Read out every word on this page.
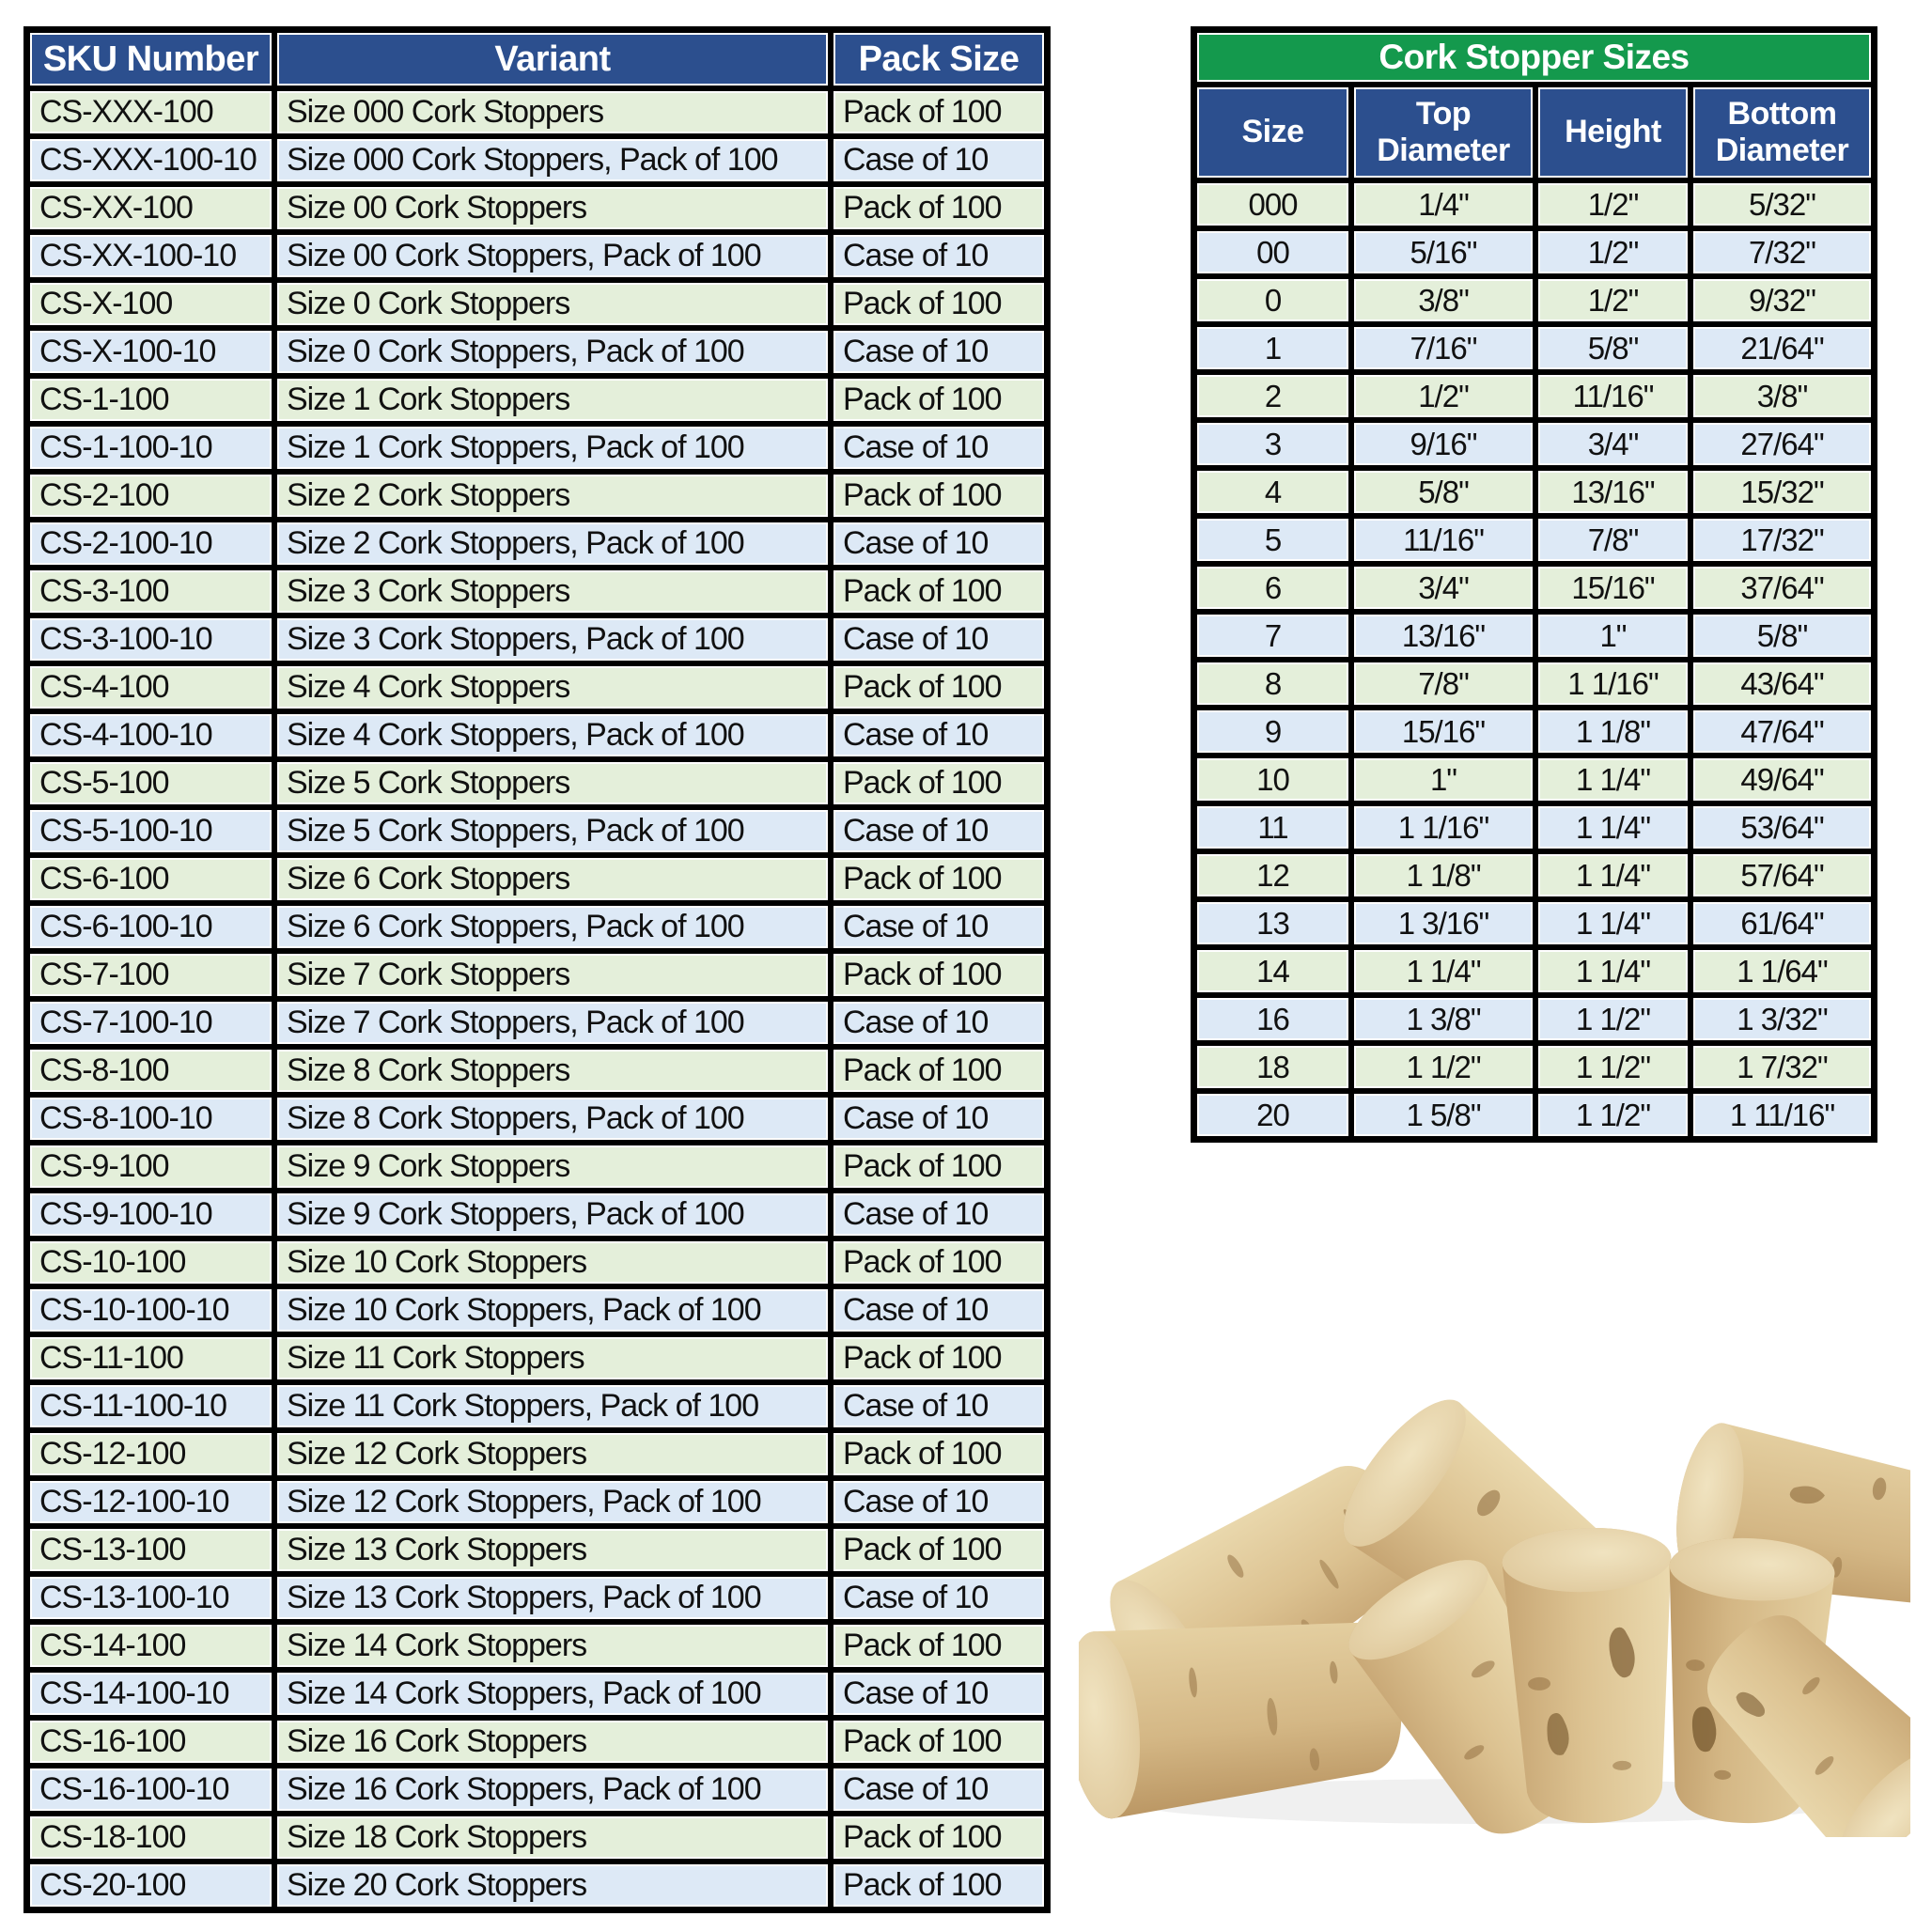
SKU Number	Variant	Pack Size
CS-XXX-100	Size 000 Cork Stoppers	Pack of 100
CS-XXX-100-10	Size 000 Cork Stoppers, Pack of 100	Case of 10
CS-XX-100	Size 00 Cork Stoppers	Pack of 100
CS-XX-100-10	Size 00 Cork Stoppers, Pack of 100	Case of 10
CS-X-100	Size 0 Cork Stoppers	Pack of 100
CS-X-100-10	Size 0 Cork Stoppers, Pack of 100	Case of 10
CS-1-100	Size 1 Cork Stoppers	Pack of 100
CS-1-100-10	Size 1 Cork Stoppers, Pack of 100	Case of 10
CS-2-100	Size 2 Cork Stoppers	Pack of 100
CS-2-100-10	Size 2 Cork Stoppers, Pack of 100	Case of 10
CS-3-100	Size 3 Cork Stoppers	Pack of 100
CS-3-100-10	Size 3 Cork Stoppers, Pack of 100	Case of 10
CS-4-100	Size 4 Cork Stoppers	Pack of 100
CS-4-100-10	Size 4 Cork Stoppers, Pack of 100	Case of 10
CS-5-100	Size 5 Cork Stoppers	Pack of 100
CS-5-100-10	Size 5 Cork Stoppers, Pack of 100	Case of 10
CS-6-100	Size 6 Cork Stoppers	Pack of 100
CS-6-100-10	Size 6 Cork Stoppers, Pack of 100	Case of 10
CS-7-100	Size 7 Cork Stoppers	Pack of 100
CS-7-100-10	Size 7 Cork Stoppers, Pack of 100	Case of 10
CS-8-100	Size 8 Cork Stoppers	Pack of 100
CS-8-100-10	Size 8 Cork Stoppers, Pack of 100	Case of 10
CS-9-100	Size 9 Cork Stoppers	Pack of 100
CS-9-100-10	Size 9 Cork Stoppers, Pack of 100	Case of 10
CS-10-100	Size 10 Cork Stoppers	Pack of 100
CS-10-100-10	Size 10 Cork Stoppers, Pack of 100	Case of 10
CS-11-100	Size 11 Cork Stoppers	Pack of 100
CS-11-100-10	Size 11 Cork Stoppers, Pack of 100	Case of 10
CS-12-100	Size 12 Cork Stoppers	Pack of 100
CS-12-100-10	Size 12 Cork Stoppers, Pack of 100	Case of 10
CS-13-100	Size 13 Cork Stoppers	Pack of 100
CS-13-100-10	Size 13 Cork Stoppers, Pack of 100	Case of 10
CS-14-100	Size 14 Cork Stoppers	Pack of 100
CS-14-100-10	Size 14 Cork Stoppers, Pack of 100	Case of 10
CS-16-100	Size 16 Cork Stoppers	Pack of 100
CS-16-100-10	Size 16 Cork Stoppers, Pack of 100	Case of 10
CS-18-100	Size 18 Cork Stoppers	Pack of 100
CS-20-100	Size 20 Cork Stoppers	Pack of 100
Cork Stopper Sizes			
Size	Top Diameter	Height	Bottom Diameter
000	1/4"	1/2"	5/32"
00	5/16"	1/2"	7/32"
0	3/8"	1/2"	9/32"
1	7/16"	5/8"	21/64"
2	1/2"	11/16"	3/8"
3	9/16"	3/4"	27/64"
4	5/8"	13/16"	15/32"
5	11/16"	7/8"	17/32"
6	3/4"	15/16"	37/64"
7	13/16"	1"	5/8"
8	7/8"	1 1/16"	43/64"
9	15/16"	1 1/8"	47/64"
10	1"	1 1/4"	49/64"
11	1 1/16"	1 1/4"	53/64"
12	1 1/8"	1 1/4"	57/64"
13	1 3/16"	1 1/4"	61/64"
14	1 1/4"	1 1/4"	1 1/64"
16	1 3/8"	1 1/2"	1 3/32"
18	1 1/2"	1 1/2"	1 7/32"
20	1 5/8"	1 1/2"	1 11/16"
